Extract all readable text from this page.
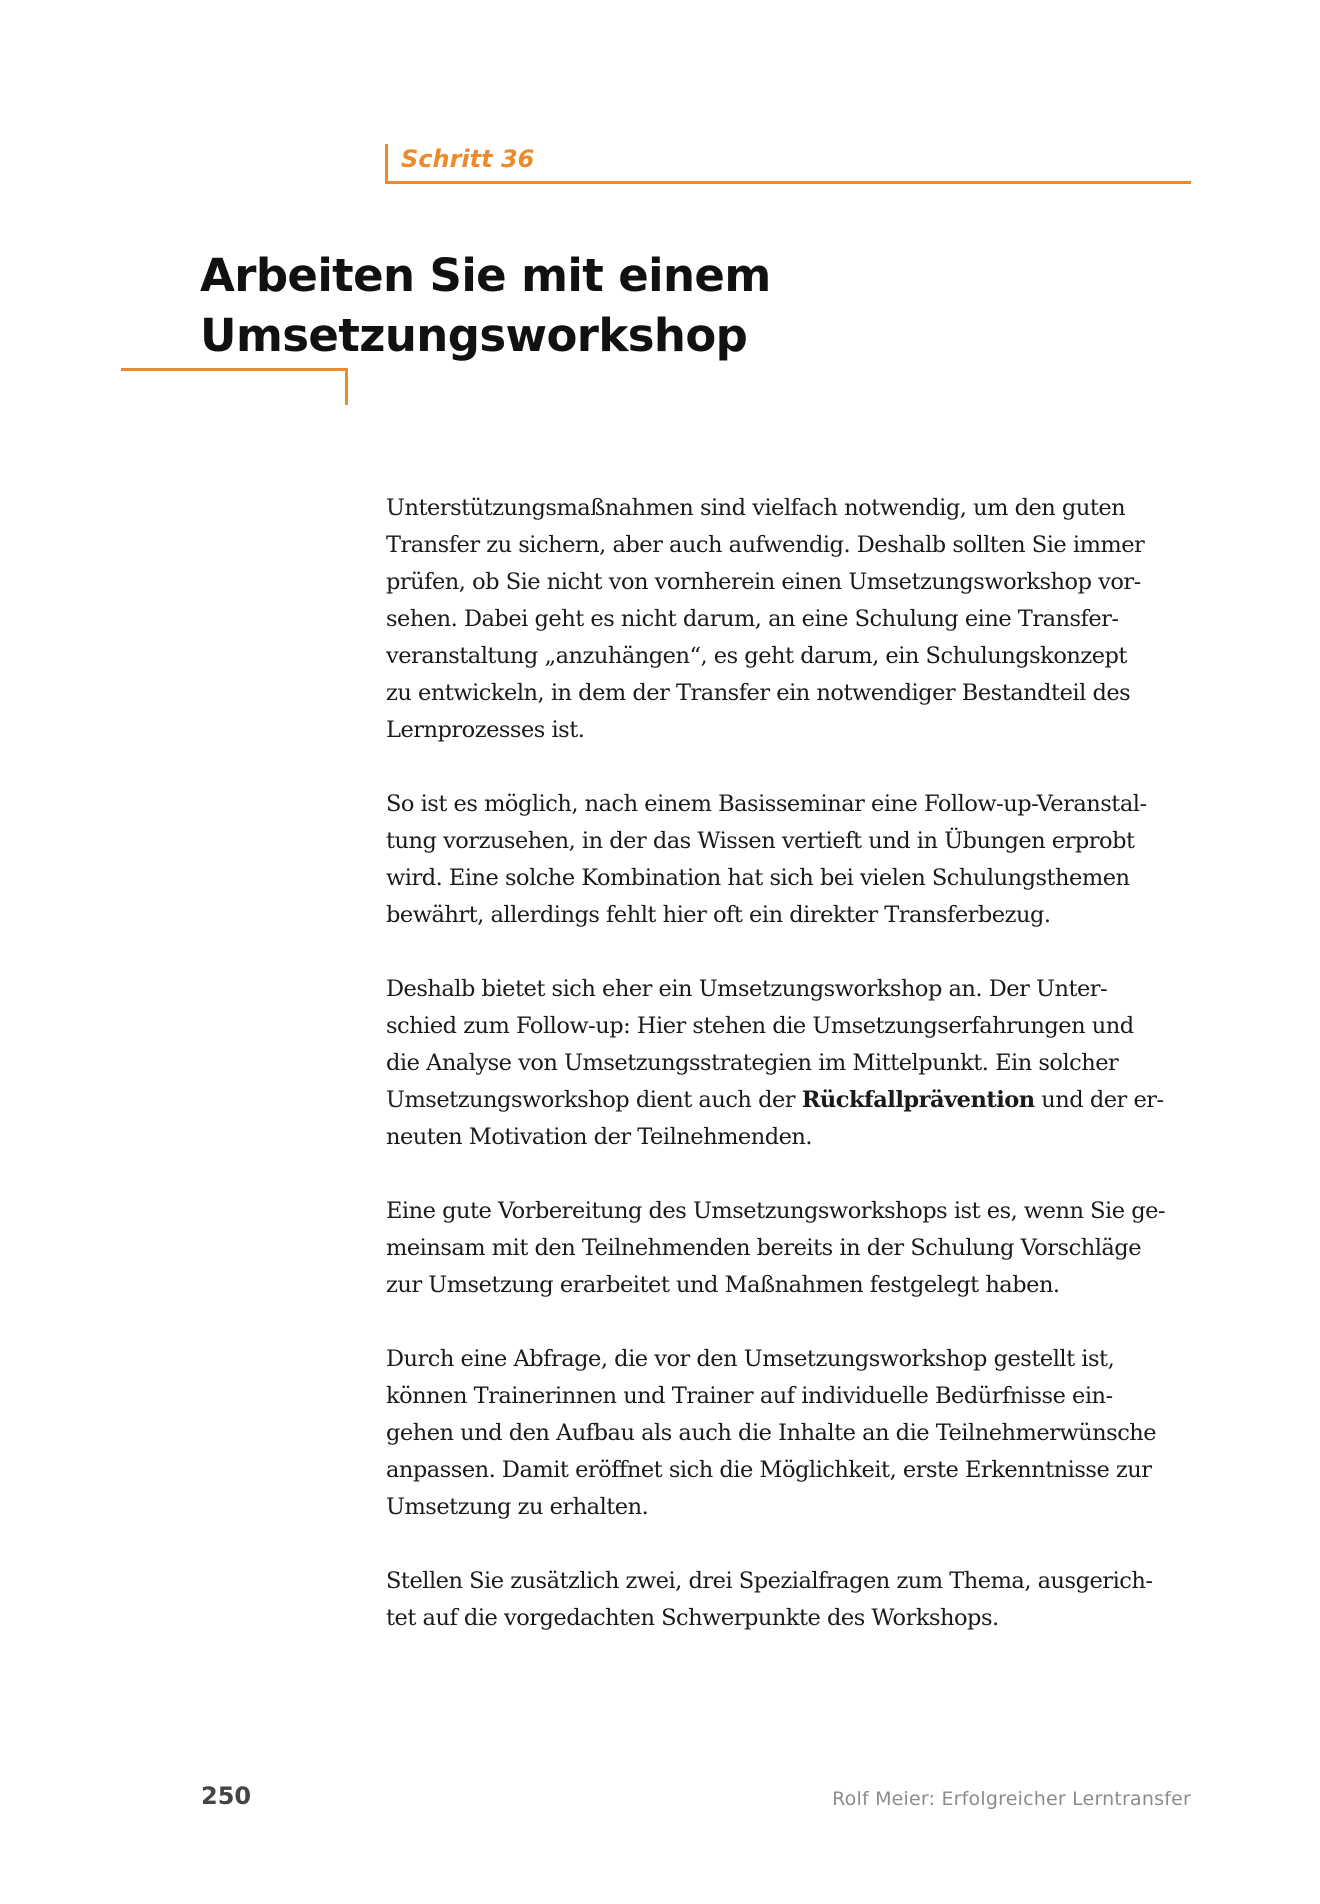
Schritt 36
Arbeiten Sie mit einem Umsetzungsworkshop

Unterstützungsmaßnahmen sind vielfach notwendig, um den guten
Transfer zu sichern, aber auch aufwendig. Deshalb sollten Sie immer
prüfen, ob Sie nicht von vornherein einen Umsetzungsworkshop vor-
sehen. Dabei geht es nicht darum, an eine Schulung eine Transfer-
veranstaltung „anzuhängen“, es geht darum, ein Schulungskonzept
zu entwickeln, in dem der Transfer ein notwendiger Bestandteil des
Lernprozesses ist.

So ist es möglich, nach einem Basisseminar eine Follow-up-Veranstal-
tung vorzusehen, in der das Wissen vertieft und in Übungen erprobt
wird. Eine solche Kombination hat sich bei vielen Schulungsthemen
bewährt, allerdings fehlt hier oft ein direkter Transferbezug.

Deshalb bietet sich eher ein Umsetzungsworkshop an. Der Unter-
schied zum Follow-up: Hier stehen die Umsetzungserfahrungen und
die Analyse von Umsetzungsstrategien im Mittelpunkt. Ein solcher
Umsetzungsworkshop dient auch der Rückfallprävention und der er-
neuten Motivation der Teilnehmenden.

Eine gute Vorbereitung des Umsetzungsworkshops ist es, wenn Sie ge-
meinsam mit den Teilnehmenden bereits in der Schulung Vorschläge
zur Umsetzung erarbeitet und Maßnahmen festgelegt haben.

Durch eine Abfrage, die vor den Umsetzungsworkshop gestellt ist,
können Trainerinnen und Trainer auf individuelle Bedürfnisse ein-
gehen und den Aufbau als auch die Inhalte an die Teilnehmerwünsche
anpassen. Damit eröffnet sich die Möglichkeit, erste Erkenntnisse zur
Umsetzung zu erhalten.

Stellen Sie zusätzlich zwei, drei Spezialfragen zum Thema, ausgerich-
tet auf die vorgedachten Schwerpunkte des Workshops.

250	Rolf Meier: Erfolgreicher Lerntransfer
